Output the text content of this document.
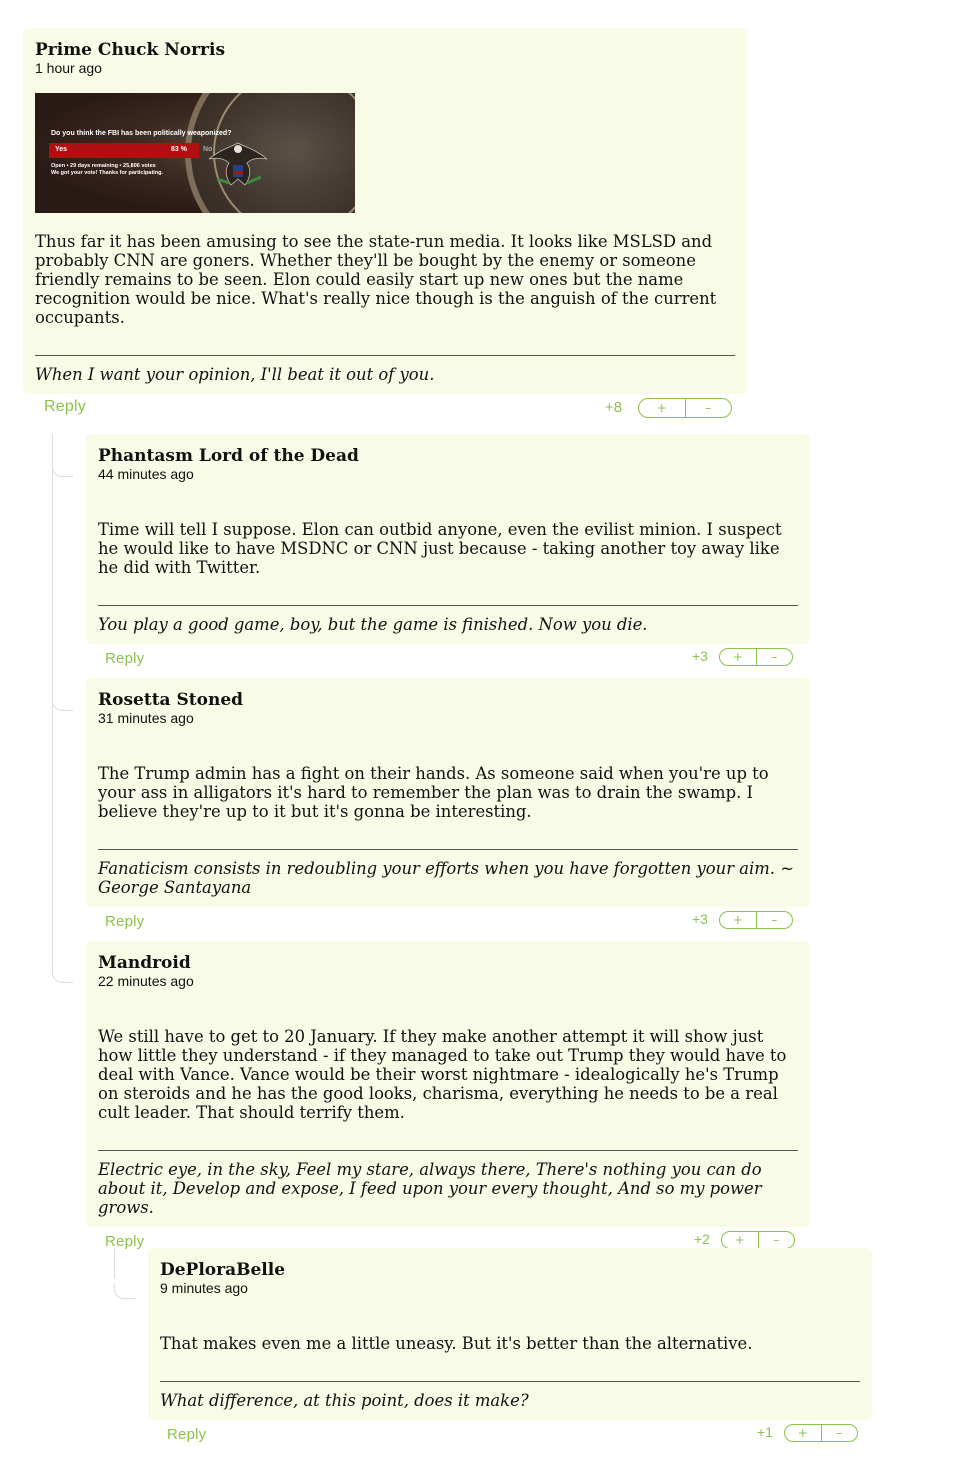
Prime Chuck Norris
1 hour ago
Do you think the FBI has been politically weaponized?
Yes	83 % No
Open • 29 days remaining • 25,806 votes
We got your vote! Thanks for participating.
Thus far it has been amusing to see the state-run media. It looks like MSLSD and probably CNN are goners. Whether they'll be bought by the enemy or someone friendly remains to be seen. Elon could easily start up new ones but the name recognition would be nice. What's really nice though is the anguish of the current occupants.
When I want your opinion, I'll beat it out of you.
Reply	+8	+	–
Phantasm Lord of the Dead
44 minutes ago
Time will tell I suppose. Elon can outbid anyone, even the evilist minion. I suspect he would like to have MSDNC or CNN just because - taking another toy away like he did with Twitter.
You play a good game, boy, but the game is finished. Now you die.
Reply	+3	+	–
Rosetta Stoned
31 minutes ago
The Trump admin has a fight on their hands. As someone said when you're up to your ass in alligators it's hard to remember the plan was to drain the swamp. I believe they're up to it but it's gonna be interesting.
Fanaticism consists in redoubling your efforts when you have forgotten your aim. ~ George Santayana
Reply	+3	+	–
Mandroid
22 minutes ago
We still have to get to 20 January. If they make another attempt it will show just how little they understand - if they managed to take out Trump they would have to deal with Vance. Vance would be their worst nightmare - idealogically he's Trump on steroids and he has the good looks, charisma, everything he needs to be a real cult leader. That should terrify them.
Electric eye, in the sky, Feel my stare, always there, There's nothing you can do about it, Develop and expose, I feed upon your every thought, And so my power grows.
Reply	+2	+	–
DePloraBelle
9 minutes ago
That makes even me a little uneasy. But it's better than the alternative.
What difference, at this point, does it make?
Reply	+1	+	–
